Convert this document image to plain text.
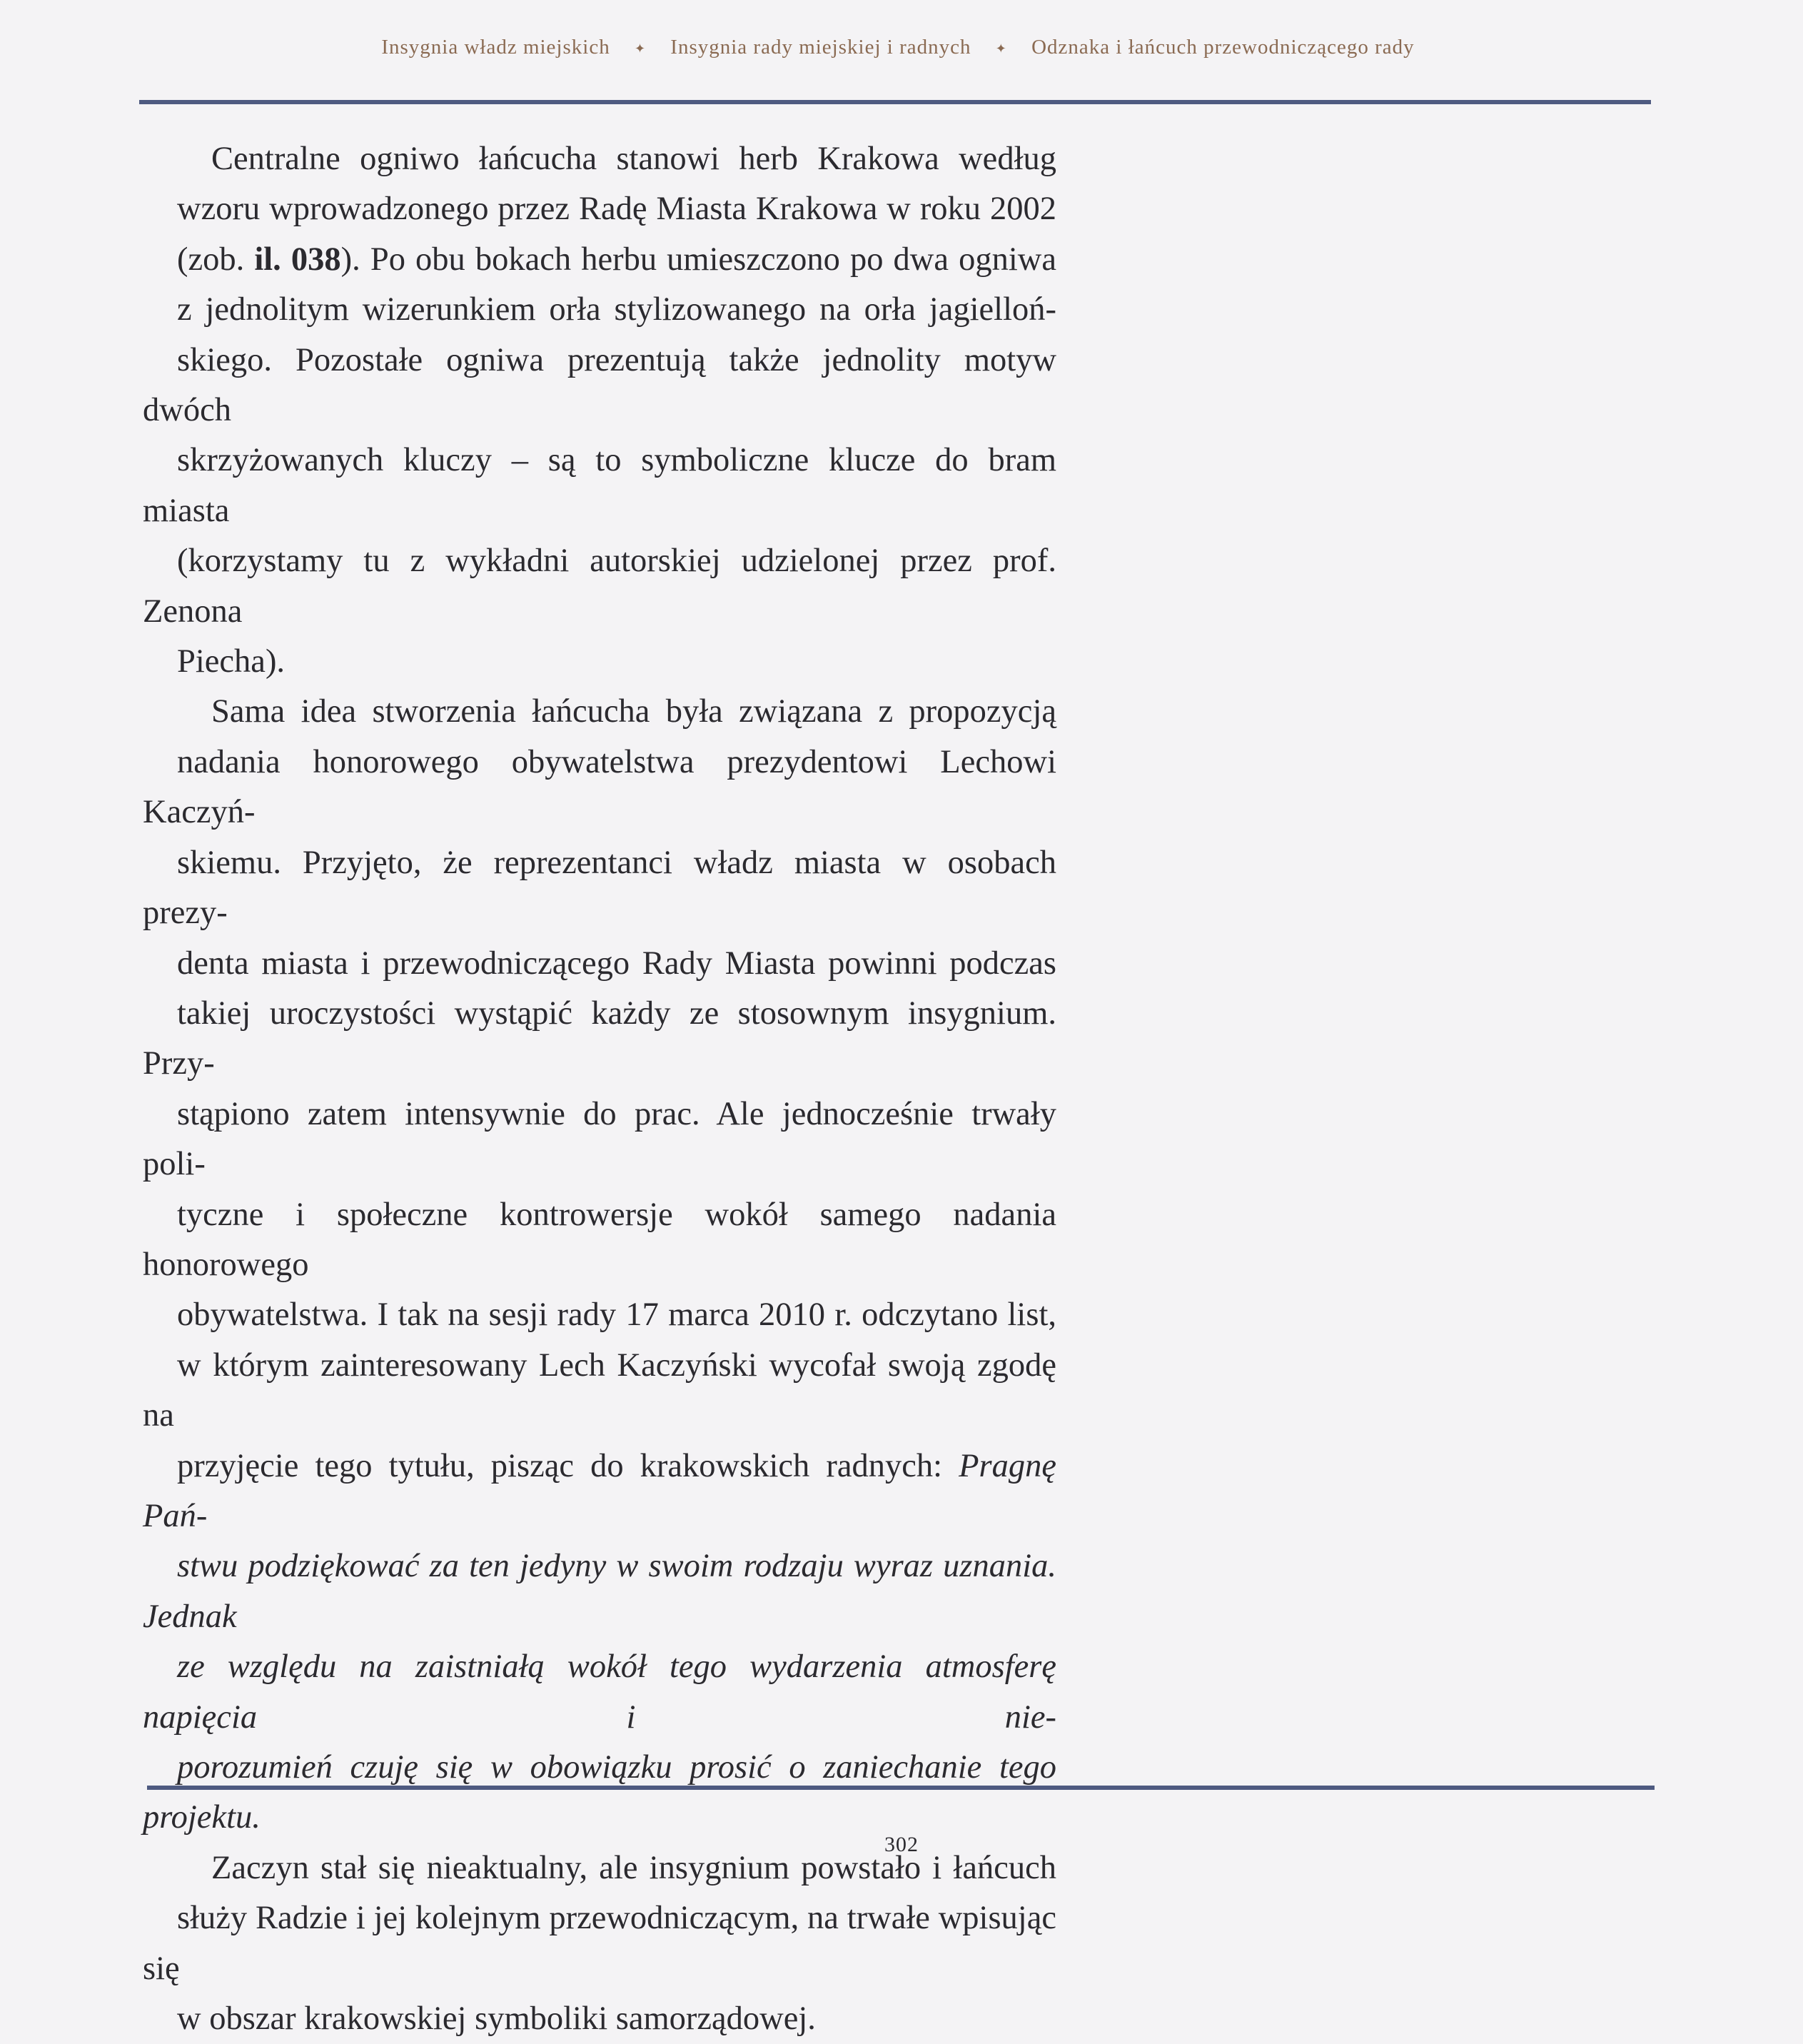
Insygnia władz miejskich ✦ Insygnia rady miejskiej i radnych ✦ Odznaka i łańcuch przewodniczącego rady

Centralne ogniwo łańcucha stanowi herb Krakowa według
wzoru wprowadzonego przez Radę Miasta Krakowa w roku 2002
(zob. il. 038). Po obu bokach herbu umieszczono po dwa ogniwa
z jednolitym wizerunkiem orła stylizowanego na orła jagielloń-
skiego. Pozostałe ogniwa prezentują także jednolity motyw dwóch
skrzyżowanych kluczy – są to symboliczne klucze do bram miasta
(korzystamy tu z wykładni autorskiej udzielonej przez prof. Zenona
Piecha).

Sama idea stworzenia łańcucha była związana z propozycją
nadania honorowego obywatelstwa prezydentowi Lechowi Kaczyń-
skiemu. Przyjęto, że reprezentanci władz miasta w osobach prezy-
denta miasta i przewodniczącego Rady Miasta powinni podczas
takiej uroczystości wystąpić każdy ze stosownym insygnium. Przy-
stąpiono zatem intensywnie do prac. Ale jednocześnie trwały poli-
tyczne i społeczne kontrowersje wokół samego nadania honorowego
obywatelstwa. I tak na sesji rady 17 marca 2010 r. odczytano list,
w którym zainteresowany Lech Kaczyński wycofał swoją zgodę na
przyjęcie tego tytułu, pisząc do krakowskich radnych: Pragnę Pań-
stwu podziękować za ten jedyny w swoim rodzaju wyraz uznania. Jednak
ze względu na zaistniałą wokół tego wydarzenia atmosferę napięcia i nie-
porozumień czuję się w obowiązku prosić o zaniechanie tego projektu.

Zaczyn stał się nieaktualny, ale insygnium powstało i łańcuch
służy Radzie i jej kolejnym przewodniczącym, na trwałe wpisując się
w obszar krakowskiej symboliki samorządowej.

302
